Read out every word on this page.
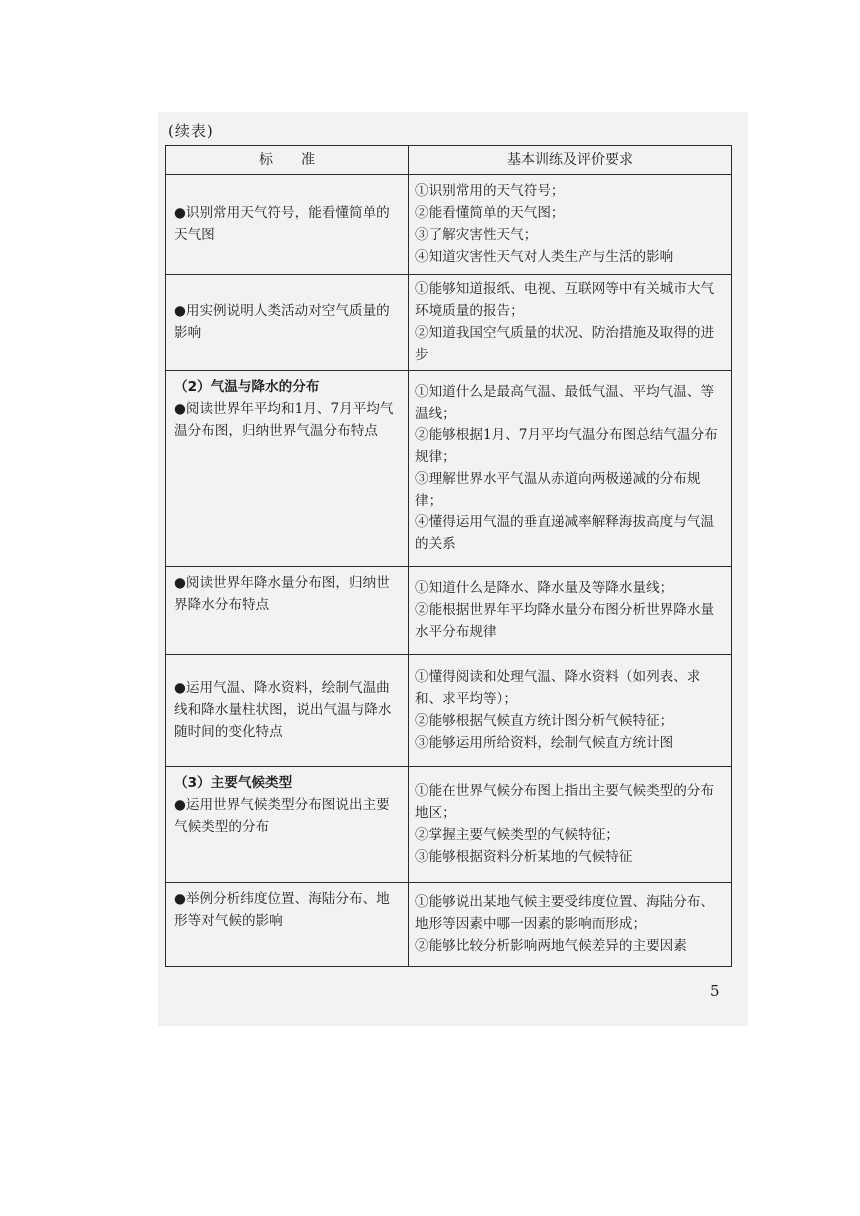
(续表)
标　　准	基本训练及评价要求
●识别常用天气符号，能看懂简单的天气图	①识别常用的天气符号；
②能看懂简单的天气图；
③了解灾害性天气；
④知道灾害性天气对人类生产与生活的影响

●用实例说明人类活动对空气质量的影响	①能够知道报纸、电视、互联网等中有关城市大气环境质量的报告；
②知道我国空气质量的状况、防治措施及取得的进步

（2）气温与降水的分布
●阅读世界年平均和1月、7月平均气温分布图，归纳世界气温分布特点	①知道什么是最高气温、最低气温、平均气温、等温线；
②能够根据1月、7月平均气温分布图总结气温分布规律；
③理解世界水平气温从赤道向两极递减的分布规律；
④懂得运用气温的垂直递减率解释海拔高度与气温的关系

●阅读世界年降水量分布图，归纳世界降水分布特点	①知道什么是降水、降水量及等降水量线；
②能根据世界年平均降水量分布图分析世界降水量水平分布规律

●运用气温、降水资料，绘制气温曲线和降水量柱状图，说出气温与降水随时间的变化特点	①懂得阅读和处理气温、降水资料（如列表、求和、求平均等）；
②能够根据气候直方统计图分析气候特征；
③能够运用所给资料，绘制气候直方统计图

（3）主要气候类型
●运用世界气候类型分布图说出主要气候类型的分布	①能在世界气候分布图上指出主要气候类型的分布地区；
②掌握主要气候类型的气候特征；
③能够根据资料分析某地的气候特征

●举例分析纬度位置、海陆分布、地形等对气候的影响	①能够说出某地气候主要受纬度位置、海陆分布、地形等因素中哪一因素的影响而形成；
②能够比较分析影响两地气候差异的主要因素
5
